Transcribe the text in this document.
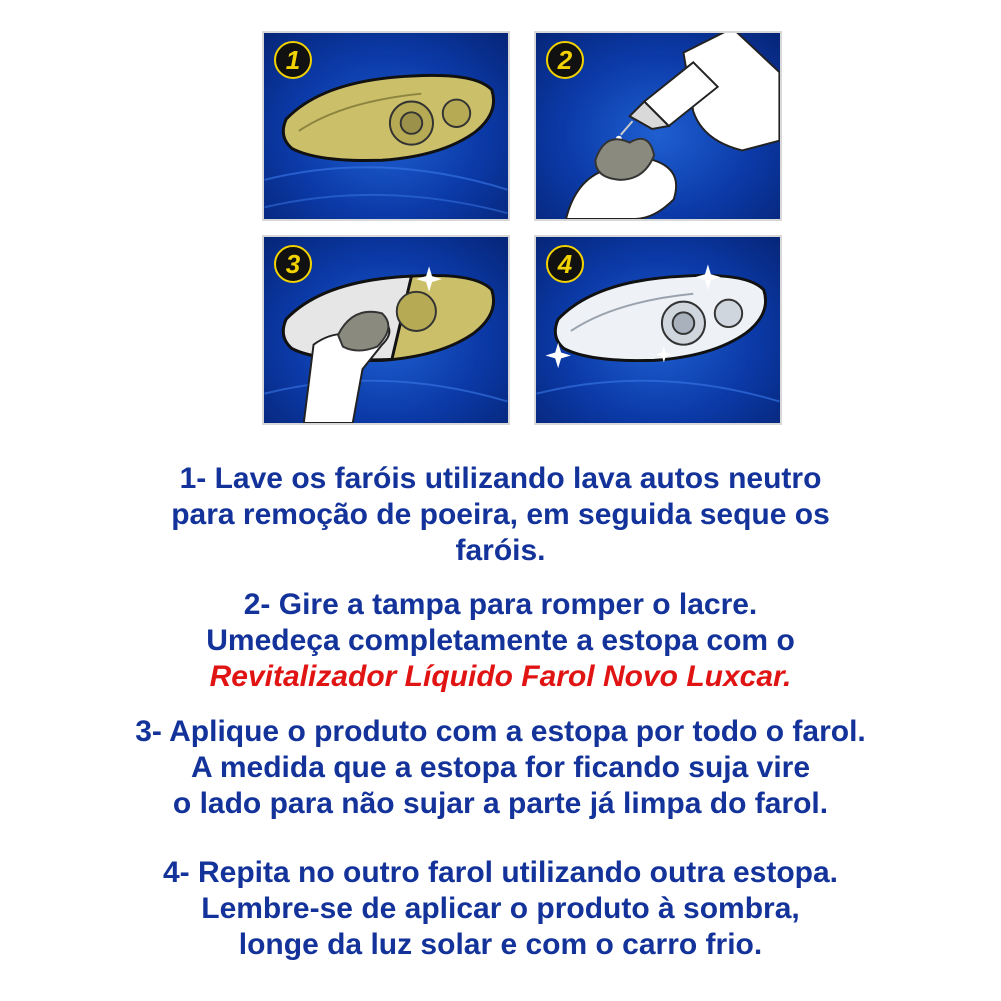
1	2
3	4

1- Lave os faróis utilizando lava autos neutro

para remoção de poeira, em seguida seque os

faróis.

2- Gire a tampa para romper o lacre.

Umedeça completamente a estopa com o

Revitalizador Líquido Farol Novo Luxcar.

3- Aplique o produto com a estopa por todo o farol.

A medida que a estopa for ficando suja vire

o lado para não sujar a parte já limpa do farol.

4- Repita no outro farol utilizando outra estopa.

Lembre-se de aplicar o produto à sombra,

longe da luz solar e com o carro frio.
